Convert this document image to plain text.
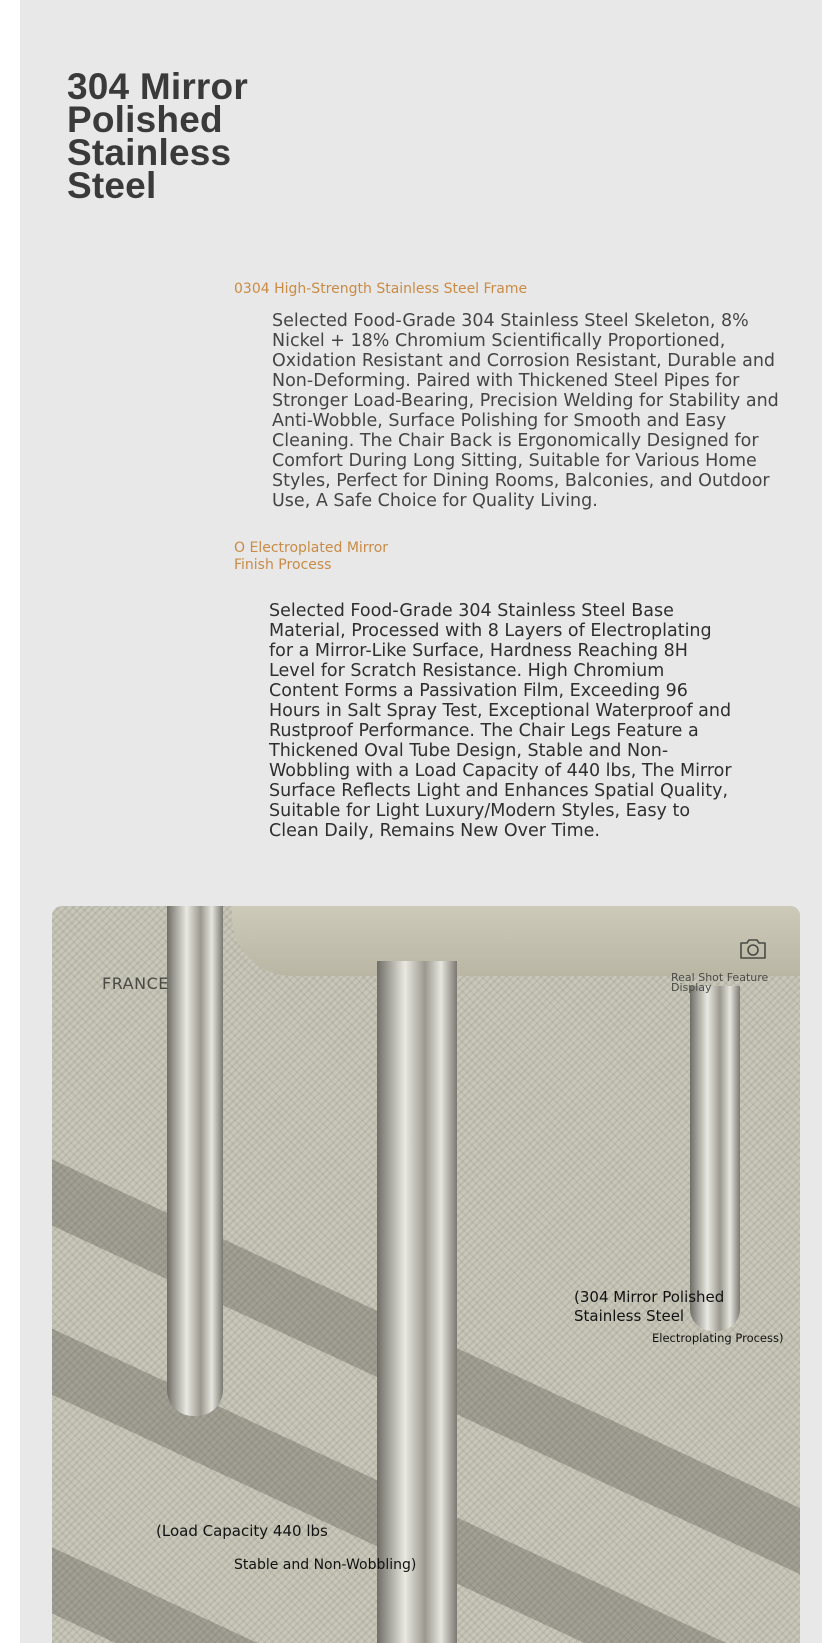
304 Mirror Polished Stainless Steel
0304 High-Strength Stainless Steel Frame

Selected Food-Grade 304 Stainless Steel Skeleton, 8% Nickel + 18% Chromium Scientifically Proportioned, Oxidation Resistant and Corrosion Resistant, Durable and Non-Deforming. Paired with Thickened Steel Pipes for Stronger Load-Bearing, Precision Welding for Stability and Anti-Wobble, Surface Polishing for Smooth and Easy Cleaning. The Chair Back is Ergonomically Designed for Comfort During Long Sitting, Suitable for Various Home Styles, Perfect for Dining Rooms, Balconies, and Outdoor Use, A Safe Choice for Quality Living.

O Electroplated Mirror Finish Process

Selected Food-Grade 304 Stainless Steel Base Material, Processed with 8 Layers of Electroplating for a Mirror-Like Surface, Hardness Reaching 8H Level for Scratch Resistance. High Chromium Content Forms a Passivation Film, Exceeding 96 Hours in Salt Spray Test, Exceptional Waterproof and Rustproof Performance. The Chair Legs Feature a Thickened Oval Tube Design, Stable and Non-Wobbling with a Load Capacity of 440 lbs, The Mirror Surface Reflects Light and Enhances Spatial Quality, Suitable for Light Luxury/Modern Styles, Easy to Clean Daily, Remains New Over Time.

FRANCE	Real Shot Feature Display
(304 Mirror Polished Stainless Steel
Electroplating Process)
(Load Capacity 440 lbs
Stable and Non-Wobbling)
